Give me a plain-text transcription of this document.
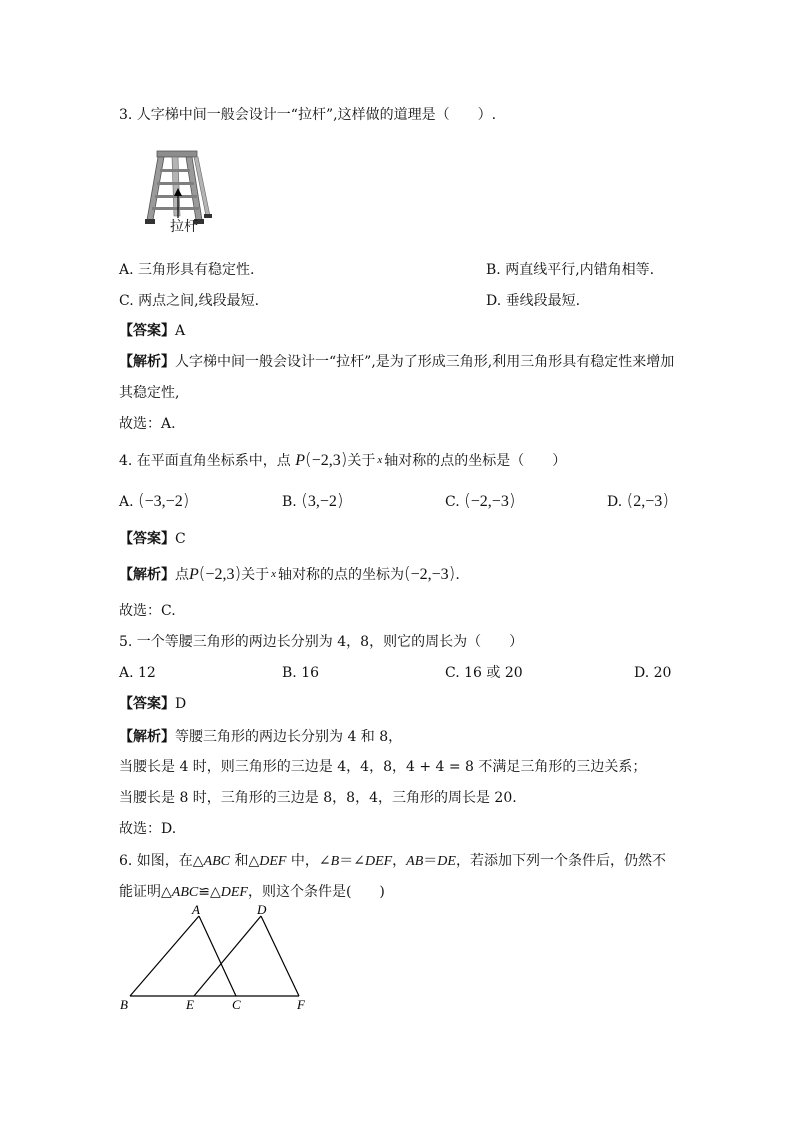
3. 人字梯中间一般会设计一“拉杆”,这样做的道理是（　　）.
拉杆
A. 三角形具有稳定性.	B. 两直线平行,内错角相等.
C. 两点之间,线段最短.	D. 垂线段最短.
【答案】A
【解析】人字梯中间一般会设计一“拉杆”,是为了形成三角形,利用三角形具有稳定性来增加
其稳定性,
故选：A.
4. 在平面直角坐标系中，点 P(−2,3)关于 x 轴对称的点的坐标是（　　）
A. (−3,−2)	B. (3,−2)	C. (−2,−3)	D. (2,−3)
【答案】C
【解析】点P(−2,3)关于 x 轴对称的点的坐标为(−2,−3).
故选：C.
5. 一个等腰三角形的两边长分别为 4，8，则它的周长为（　　）
A. 12	B. 16	C. 16 或 20	D. 20
【答案】D
【解析】等腰三角形的两边长分别为 4 和 8，
当腰长是 4 时，则三角形的三边是 4，4，8，4 + 4 = 8 不满足三角形的三边关系；
当腰长是 8 时，三角形的三边是 8，8，4，三角形的周长是 20.
故选：D.
6. 如图，在△ABC 和△DEF 中，∠B＝∠DEF，AB＝DE，若添加下列一个条件后，仍然不
能证明△ABC≌△DEF，则这个条件是(　　)
A	D
B	E	C	F
